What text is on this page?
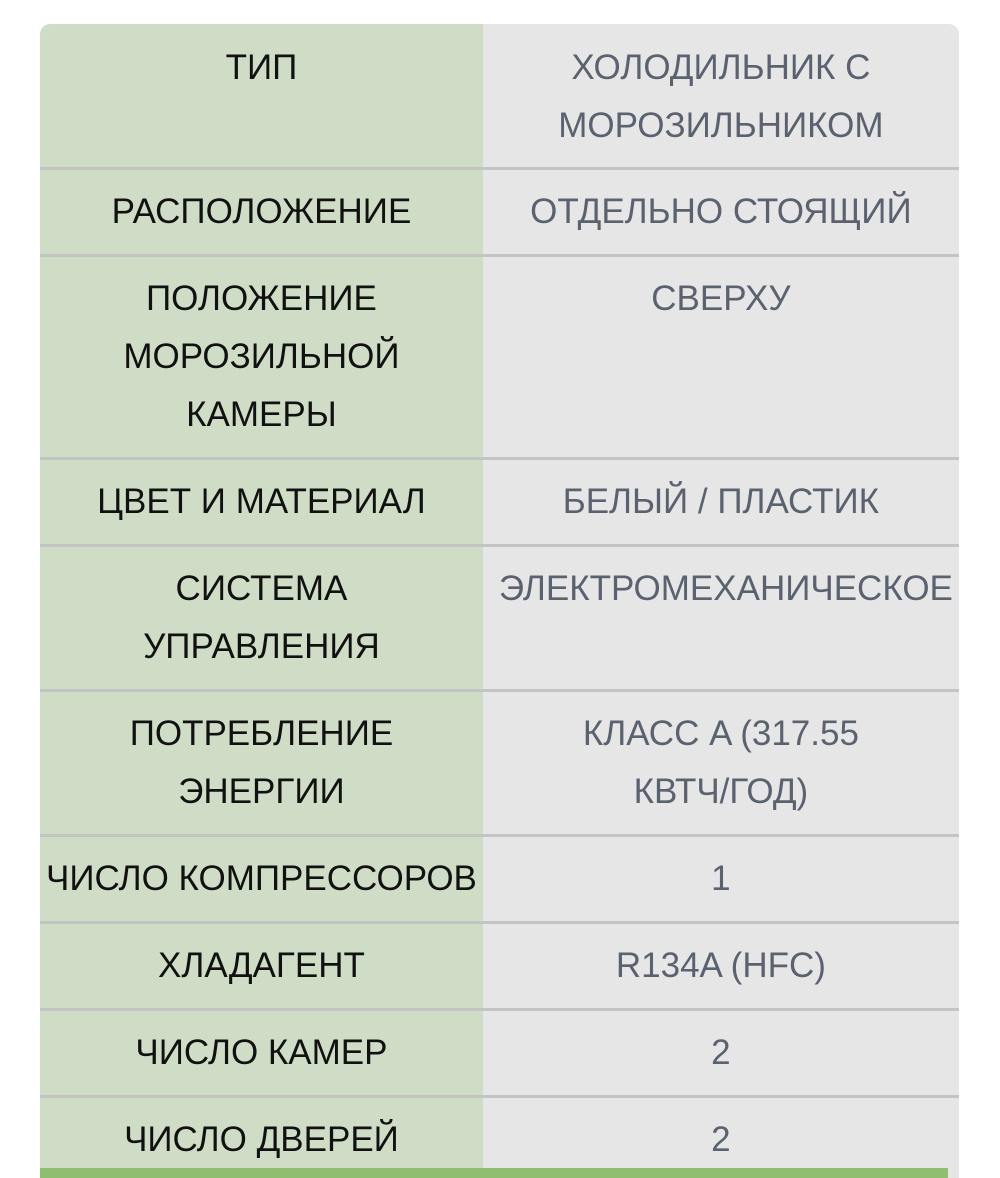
ТИП	ХОЛОДИЛЬНИК С МОРОЗИЛЬНИКОМ
РАСПОЛОЖЕНИЕ	ОТДЕЛЬНО СТОЯЩИЙ
ПОЛОЖЕНИЕ МОРОЗИЛЬНОЙ КАМЕРЫ	СВЕРХУ
ЦВЕТ И МАТЕРИАЛ	БЕЛЫЙ / ПЛАСТИК
СИСТЕМА УПРАВЛЕНИЯ	ЭЛЕКТРОМЕХАНИЧЕСКОЕ
ПОТРЕБЛЕНИЕ ЭНЕРГИИ	КЛАСС A (317.55 КВТЧ/ГОД)
ЧИСЛО КОМПРЕССОРОВ	1
ХЛАДАГЕНТ	R134A (HFC)
ЧИСЛО КАМЕР	2
ЧИСЛО ДВЕРЕЙ	2
